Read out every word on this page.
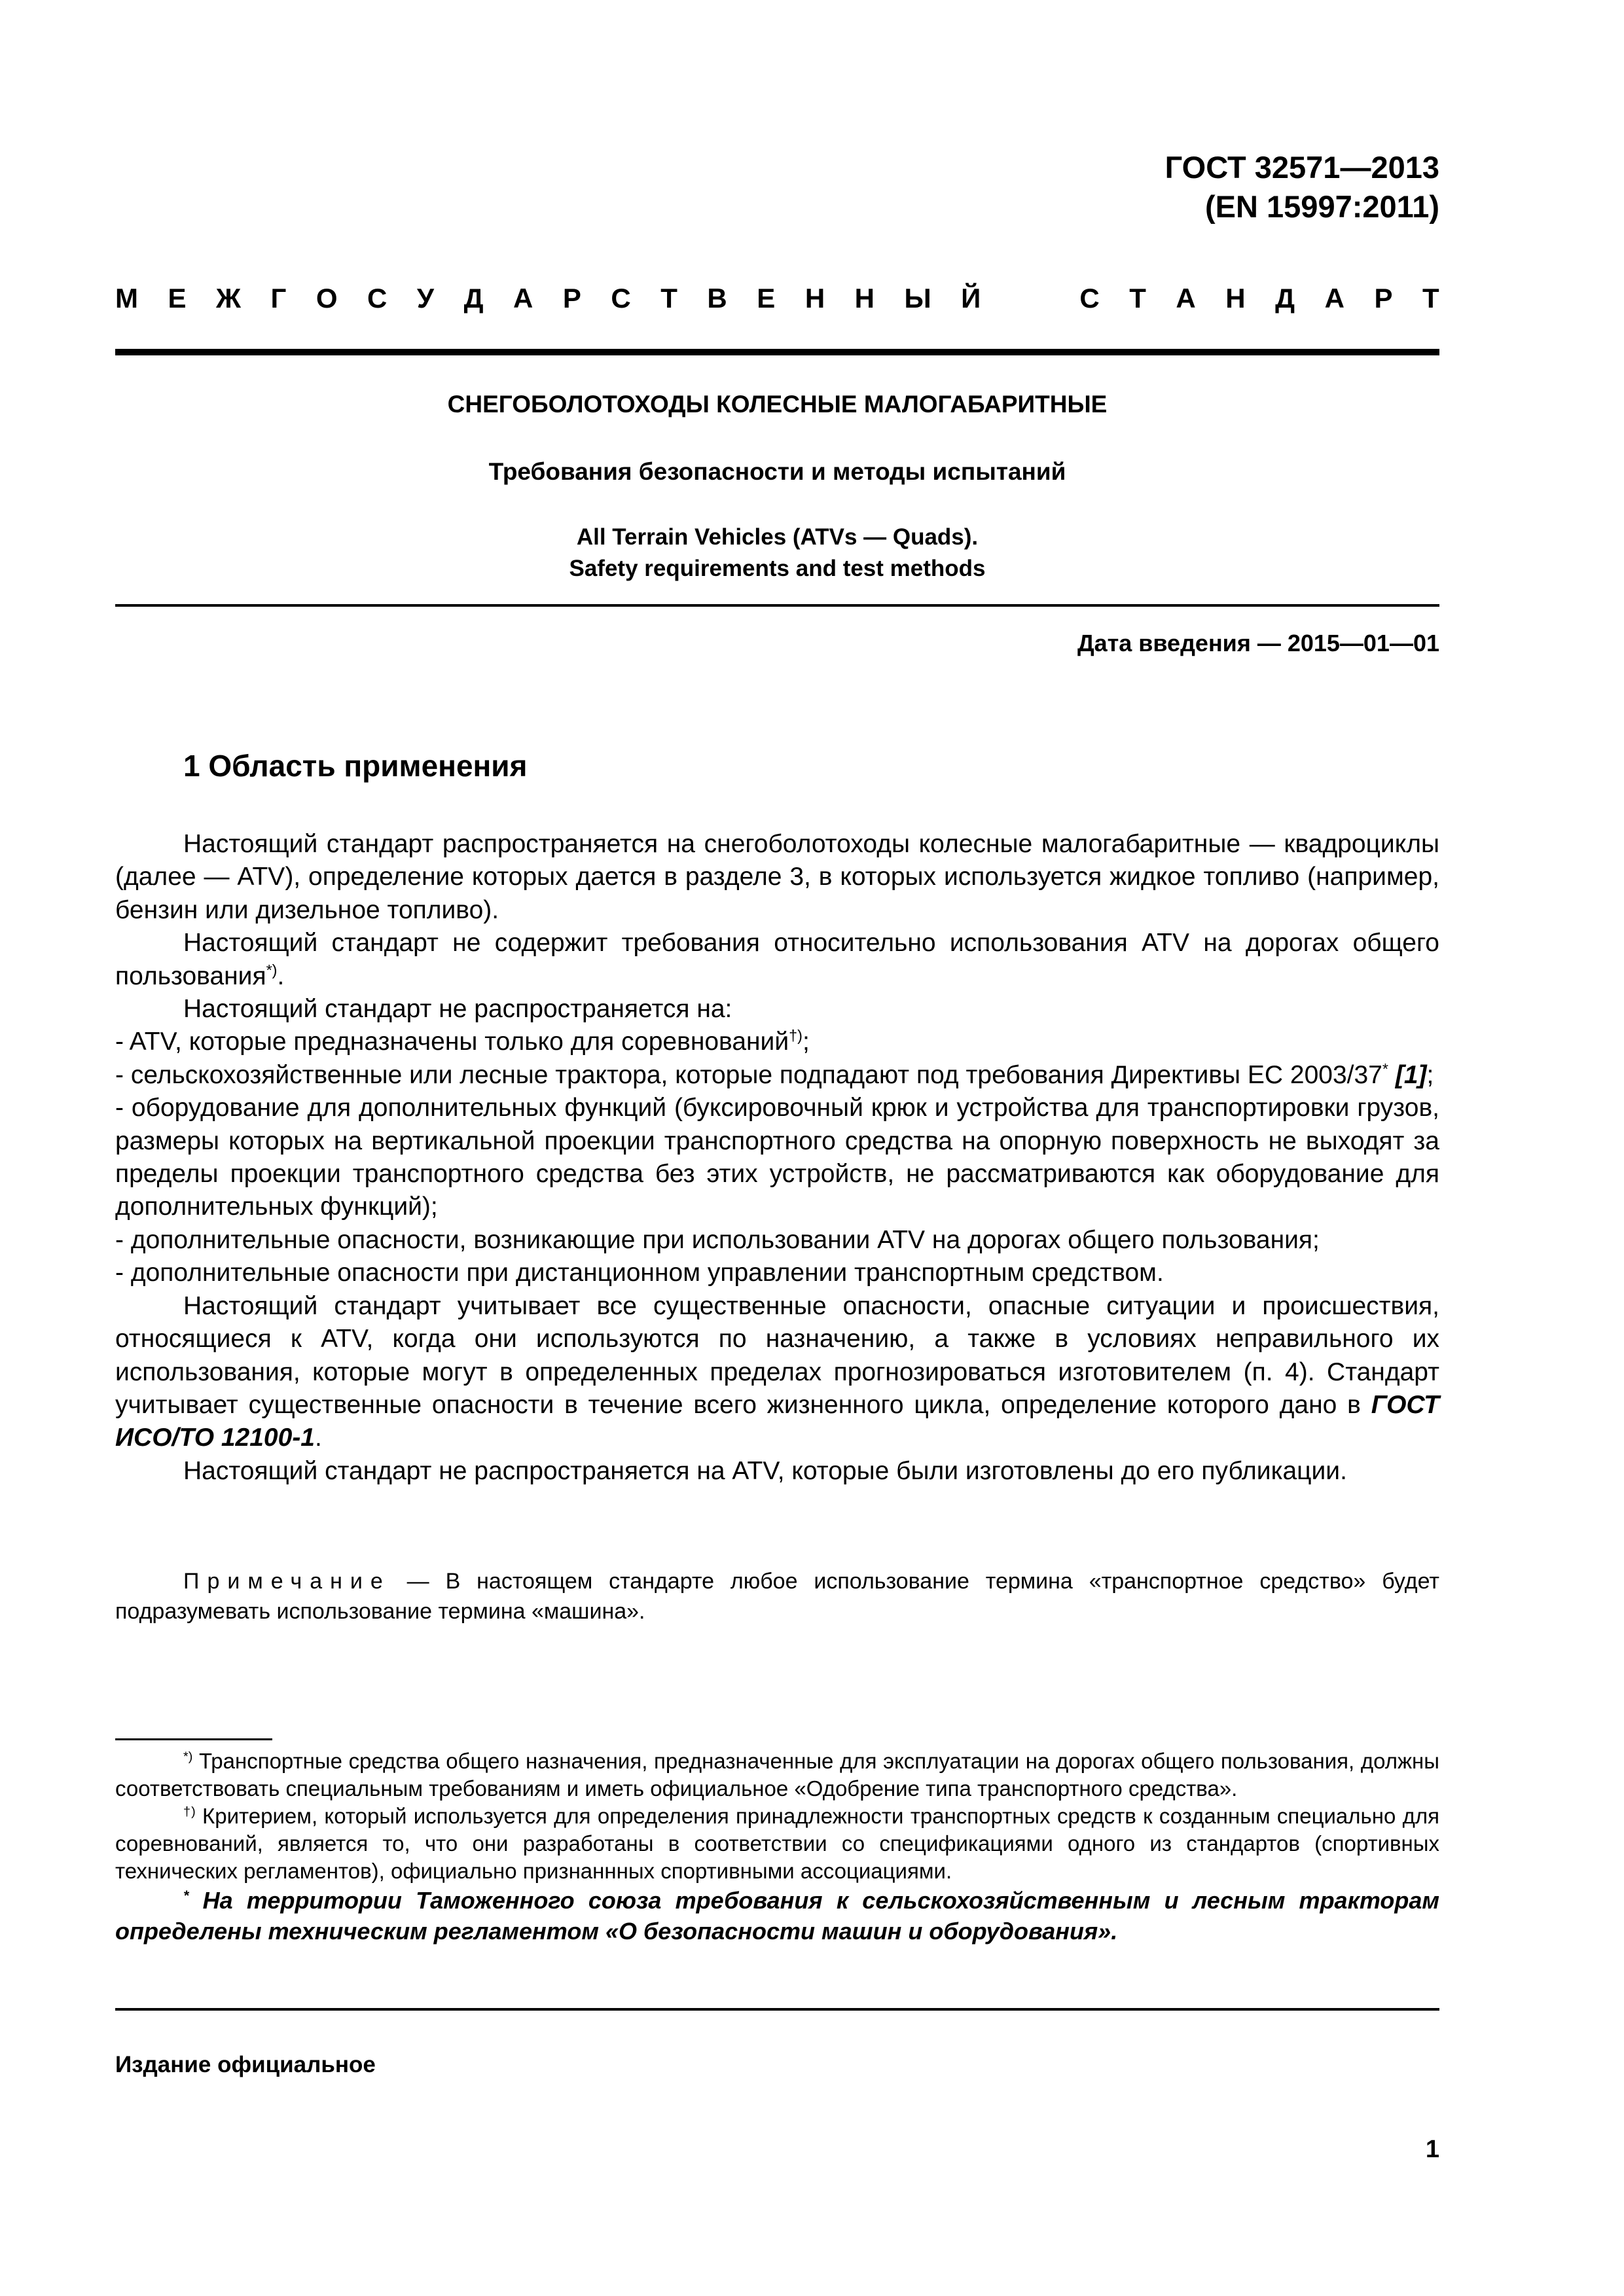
ГОСТ 32571—2013
(EN 15997:2011)
М Е Ж Г О С У Д А Р С Т В Е Н Н Ы Й	С Т А Н Д А Р Т
СНЕГОБОЛОТОХОДЫ КОЛЕСНЫЕ МАЛОГАБАРИТНЫЕ
Требования безопасности и методы испытаний
All Terrain Vehicles (ATVs — Quads).
Safety requirements and test methods
Дата введения — 2015—01—01
1 Область применения

Настоящий стандарт распространяется на снегоболотоходы колесные малогабаритные — квадроциклы (далее — ATV), определение которых дается в разделе 3, в которых используется жидкое топливо (например, бензин или дизельное топливо).

Настоящий стандарт не содержит требования относительно использования ATV на дорогах общего пользования*).

Настоящий стандарт не распространяется на:

- ATV, которые предназначены только для соревнований†);

- сельскохозяйственные или лесные трактора, которые подпадают под требования Директивы ЕС 2003/37* [1];

- оборудование для дополнительных функций (буксировочный крюк и устройства для транспортировки грузов, размеры которых на вертикальной проекции транспортного средства на опорную поверхность не выходят за пределы проекции транспортного средства без этих устройств, не рассматриваются как оборудование для дополнительных функций);

- дополнительные опасности, возникающие при использовании ATV на дорогах общего пользования;

- дополнительные опасности при дистанционном управлении транспортным средством.

Настоящий стандарт учитывает все существенные опасности, опасные ситуации и происшествия, относящиеся к ATV, когда они используются по назначению, а также в условиях неправильного их использования, которые могут в определенных пределах прогнозироваться изготовителем (п. 4). Стандарт учитывает существенные опасности в течение всего жизненного цикла, определение которого дано в ГОСТ ИСО/ТО 12100-1.

Настоящий стандарт не распространяется на ATV, которые были изготовлены до его публикации.

Примечание — В настоящем стандарте любое использование термина «транспортное средство» будет подразумевать использование термина «машина».

*) Транспортные средства общего назначения, предназначенные для эксплуатации на дорогах общего пользования, должны соответствовать специальным требованиям и иметь официальное «Одобрение типа транспортного средства».

†) Критерием, который используется для определения принадлежности транспортных средств к созданным специально для соревнований, является то, что они разработаны в соответствии со спецификациями одного из стандартов (спортивных технических регламентов), официально признаннных спортивными ассоциациями.

* На территории Таможенного союза требования к сельскохозяйственным и лесным тракторам определены техническим регламентом «О безопасности машин и оборудования».

Издание официальное
1
